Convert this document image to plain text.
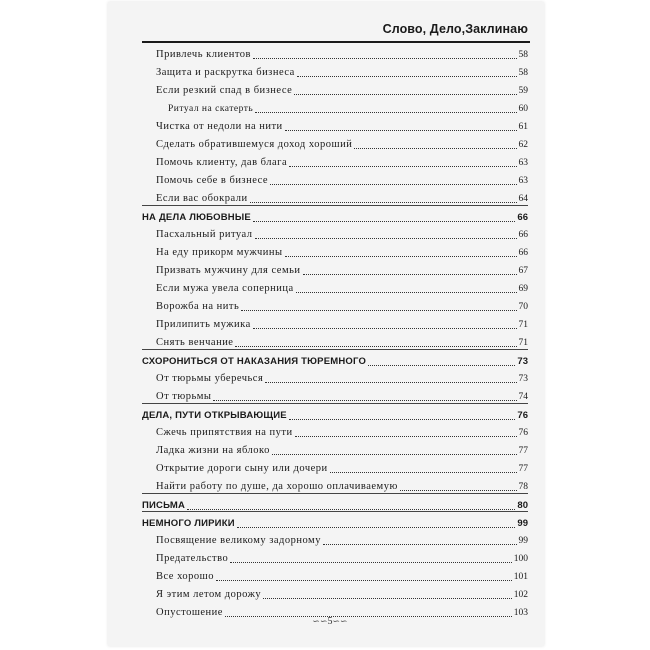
Слово, Дело,Заклинаю
Привлечь клиентов	58
Защита и раскрутка бизнеса	58
Если резкий спад в бизнесе	59
Ритуал на скатерть	60
Чистка от недоли на нити	61
Сделать обратившемуся доход хороший	62
Помочь клиенту, дав блага	63
Помочь себе в бизнесе	63
Если вас обокрали	64
НА ДЕЛА ЛЮБОВНЫЕ	66
Пасхальный ритуал	66
На еду прикорм мужчины	66
Призвать мужчину для семьи	67
Если мужа увела соперница	69
Ворожба на нить	70
Прилипить мужика	71
Снять венчание	71
СХОРОНИТЬСЯ ОТ НАКАЗАНИЯ ТЮРЕМНОГО	73
От тюрьмы уберечься	73
От тюрьмы	74
ДЕЛА, ПУТИ ОТКРЫВАЮЩИЕ	76
Сжечь припятствия на пути	76
Ладка жизни на яблоко	77
Открытие дороги сыну или дочери	77
Найти работу по душе, да хорошо оплачиваемую	78
ПИСЬМА	80
НЕМНОГО ЛИРИКИ	99
Посвящение великому задорному	99
Предательство	100
Все хорошо	101
Я этим летом дорожу	102
Опустошение	103
∽∽5∽∽
